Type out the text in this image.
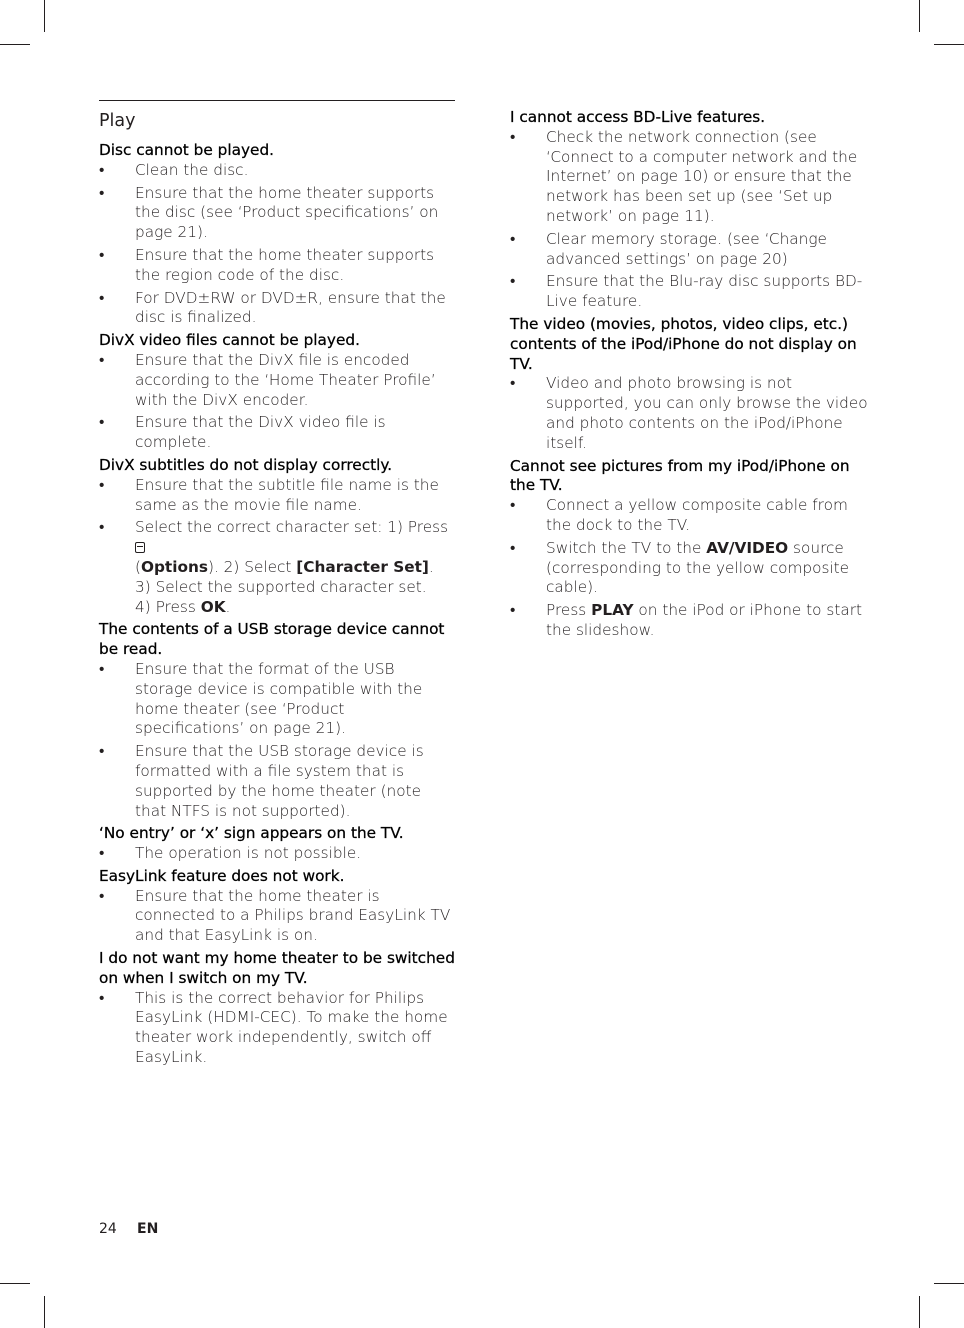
Play
Disc cannot be played.
•	Clean the disc.
•	Ensure that the home theater supports the disc (see ‘Product specifications’ on page 21).
•	Ensure that the home theater supports the region code of the disc.
•	For DVD±RW or DVD±R, ensure that the disc is finalized.
DivX video files cannot be played.
•	Ensure that the DivX file is encoded according to the ‘Home Theater Profile’ with the DivX encoder.
•	Ensure that the DivX video file is complete.
DivX subtitles do not display correctly.
•	Ensure that the subtitle file name is the same as the movie file name.
•	Select the correct character set: 1) Press
(Options). 2) Select [Character Set].
3) Select the supported character set.
4) Press OK.
The contents of a USB storage device cannot be read.
•	Ensure that the format of the USB storage device is compatible with the home theater (see ‘Product specifications’ on page 21).
•	Ensure that the USB storage device is formatted with a file system that is supported by the home theater (note that NTFS is not supported).
‘No entry’ or ‘x’ sign appears on the TV.
•	The operation is not possible.
EasyLink feature does not work.
•	Ensure that the home theater is connected to a Philips brand EasyLink TV and that EasyLink is on.
I do not want my home theater to be switched on when I switch on my TV.
•	This is the correct behavior for Philips EasyLink (HDMI-CEC). To make the home theater work independently, switch off EasyLink.
I cannot access BD-Live features.
•	Check the network connection (see ‘Connect to a computer network and the Internet’ on page 10) or ensure that the network has been set up (see ‘Set up network’ on page 11).
•	Clear memory storage. (see ‘Change advanced settings’ on page 20)
•	Ensure that the Blu-ray disc supports BD-Live feature.
The video (movies, photos, video clips, etc.) contents of the iPod/iPhone do not display on TV.
•	Video and photo browsing is not supported, you can only browse the video and photo contents on the iPod/iPhone itself.
Cannot see pictures from my iPod/iPhone on the TV.
•	Connect a yellow composite cable from the dock to the TV.
•	Switch the TV to the AV/VIDEO source (corresponding to the yellow composite cable).
•	Press PLAY on the iPod or iPhone to start the slideshow.
24 EN
